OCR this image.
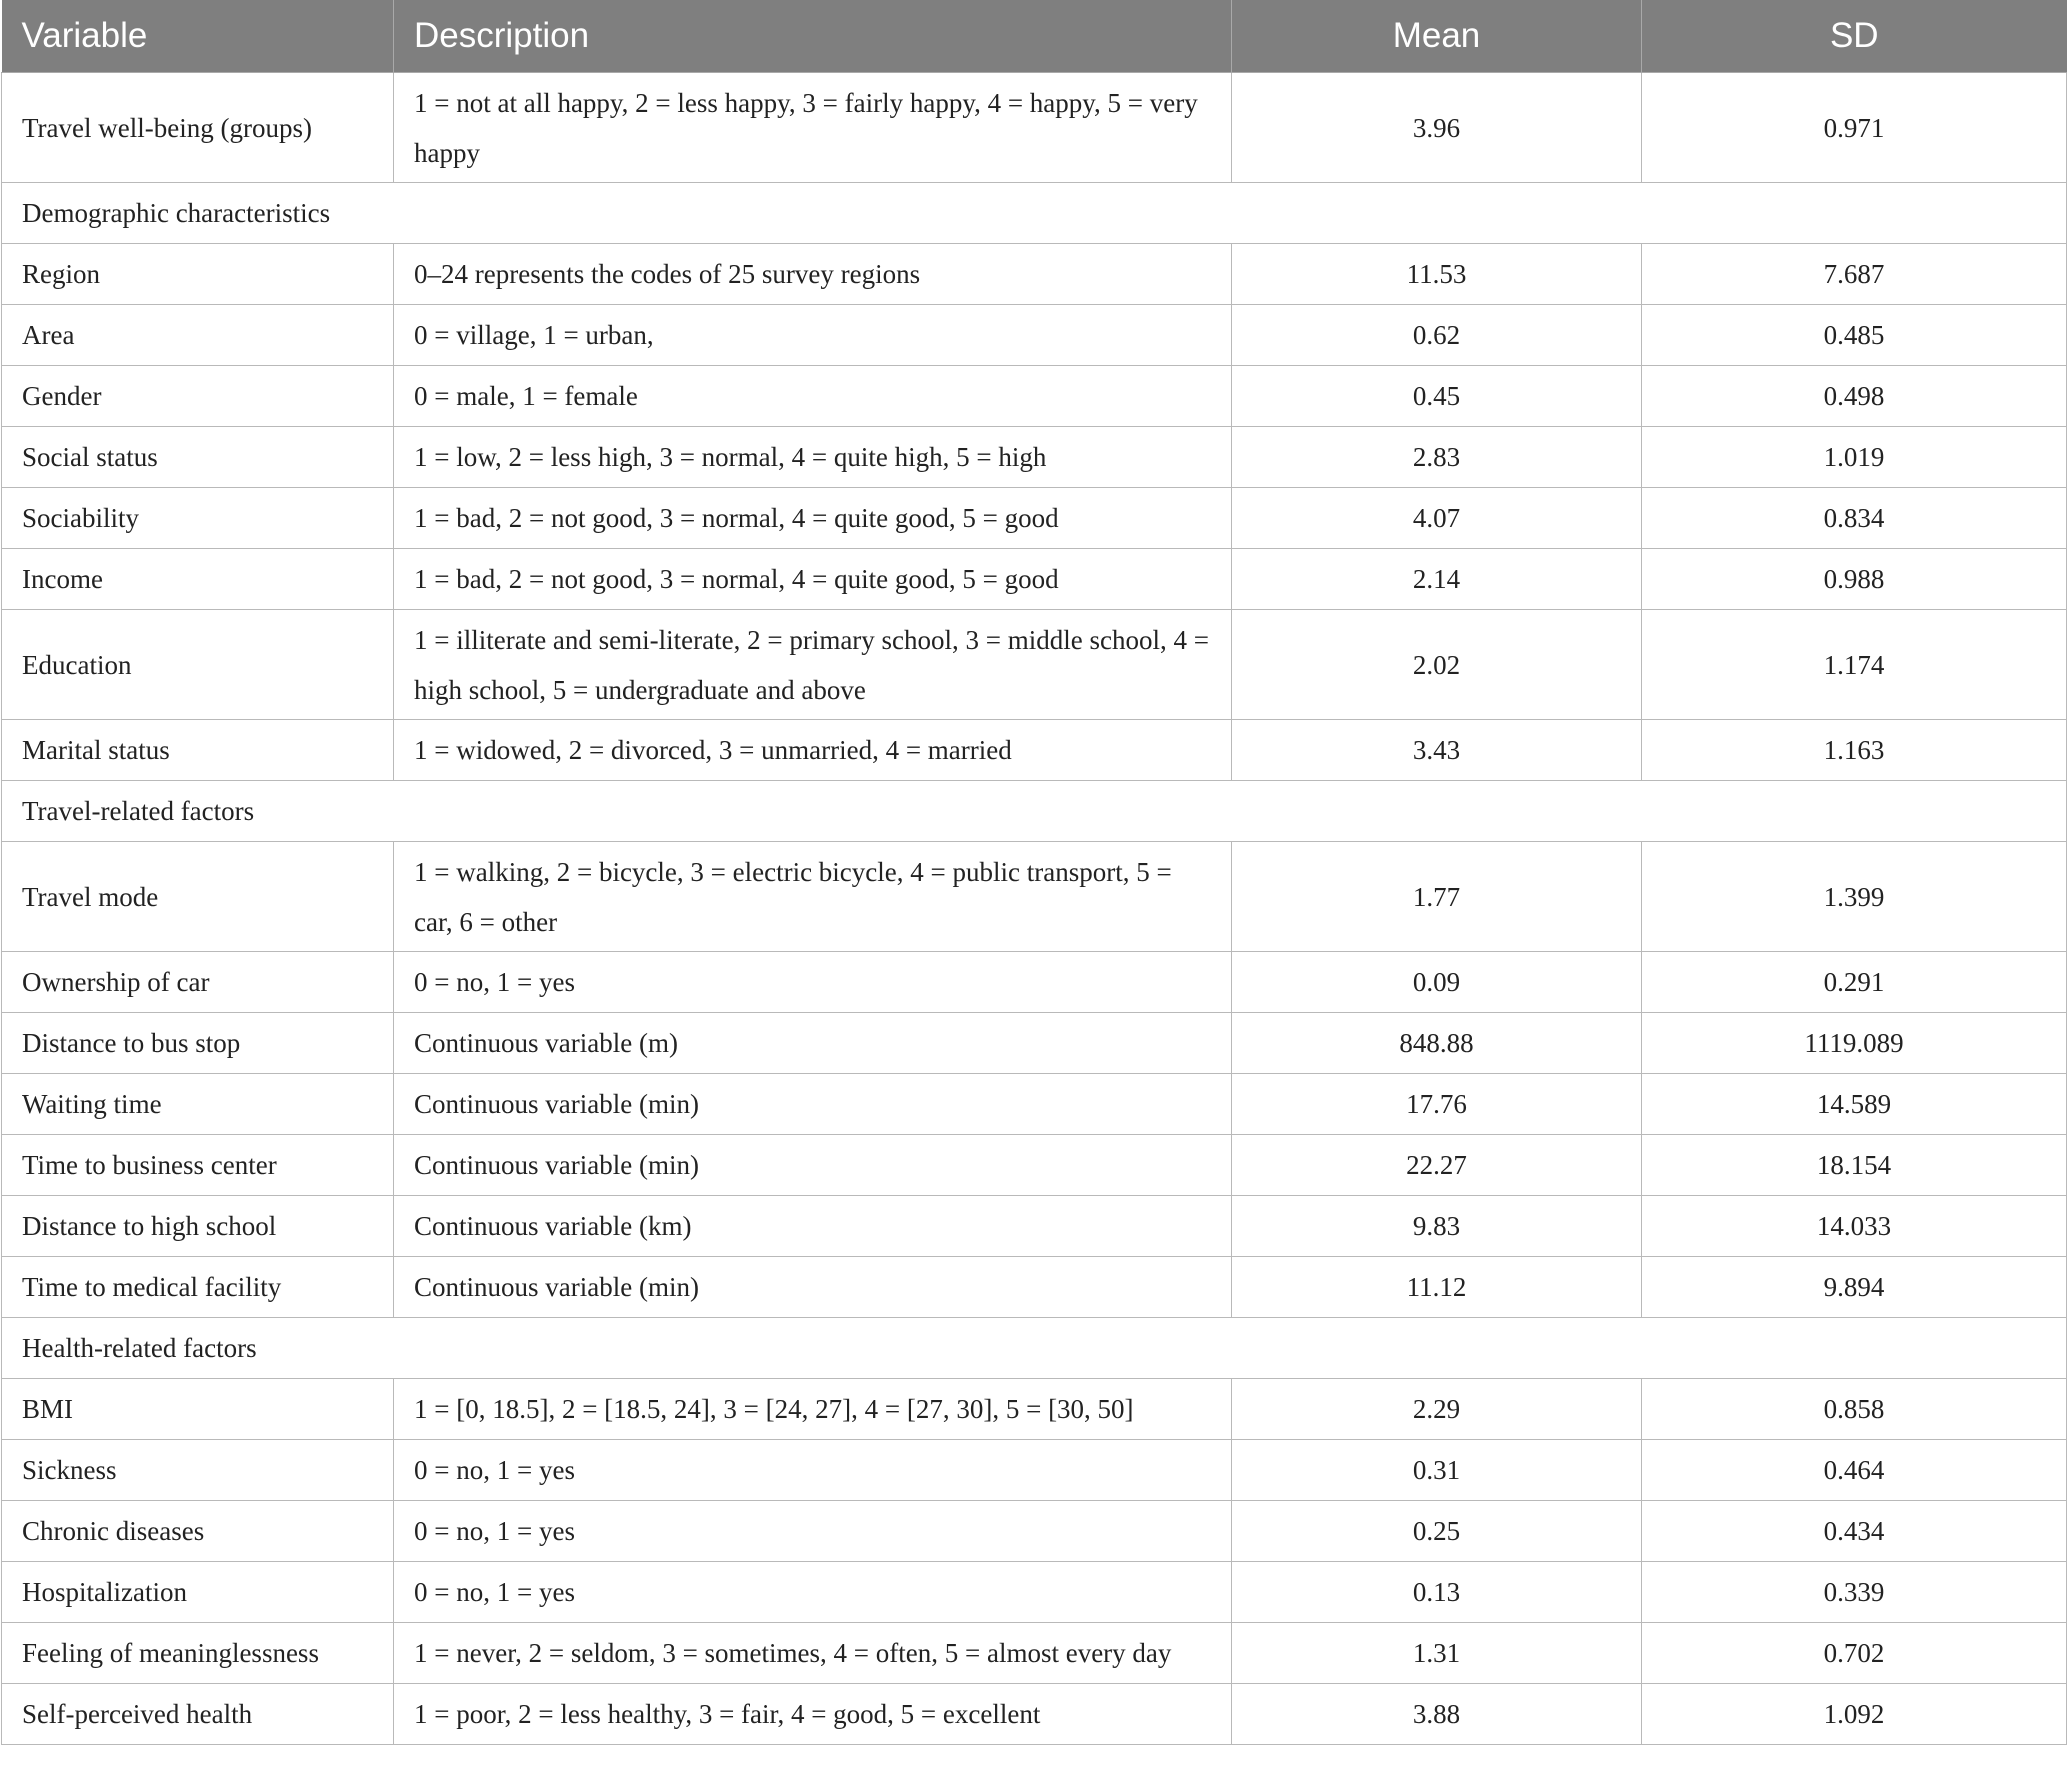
Variable	Description	Mean	SD
Travel well-being (groups)	1 = not at all happy, 2 = less happy, 3 = fairly happy, 4 = happy, 5 = very happy	3.96	0.971
Demographic characteristics			
Region	0–24 represents the codes of 25 survey regions	11.53	7.687
Area	0 = village, 1 = urban,	0.62	0.485
Gender	0 = male, 1 = female	0.45	0.498
Social status	1 = low, 2 = less high, 3 = normal, 4 = quite high, 5 = high	2.83	1.019
Sociability	1 = bad, 2 = not good, 3 = normal, 4 = quite good, 5 = good	4.07	0.834
Income	1 = bad, 2 = not good, 3 = normal, 4 = quite good, 5 = good	2.14	0.988
Education	1 = illiterate and semi-literate, 2 = primary school, 3 = middle school, 4 = high school, 5 = undergraduate and above	2.02	1.174
Marital status	1 = widowed, 2 = divorced, 3 = unmarried, 4 = married	3.43	1.163
Travel-related factors			
Travel mode	1 = walking, 2 = bicycle, 3 = electric bicycle, 4 = public transport, 5 = car, 6 = other	1.77	1.399
Ownership of car	0 = no, 1 = yes	0.09	0.291
Distance to bus stop	Continuous variable (m)	848.88	1119.089
Waiting time	Continuous variable (min)	17.76	14.589
Time to business center	Continuous variable (min)	22.27	18.154
Distance to high school	Continuous variable (km)	9.83	14.033
Time to medical facility	Continuous variable (min)	11.12	9.894
Health-related factors			
BMI	1 = [0, 18.5], 2 = [18.5, 24], 3 = [24, 27], 4 = [27, 30], 5 = [30, 50]	2.29	0.858
Sickness	0 = no, 1 = yes	0.31	0.464
Chronic diseases	0 = no, 1 = yes	0.25	0.434
Hospitalization	0 = no, 1 = yes	0.13	0.339
Feeling of meaninglessness	1 = never, 2 = seldom, 3 = sometimes, 4 = often, 5 = almost every day	1.31	0.702
Self-perceived health	1 = poor, 2 = less healthy, 3 = fair, 4 = good, 5 = excellent	3.88	1.092
